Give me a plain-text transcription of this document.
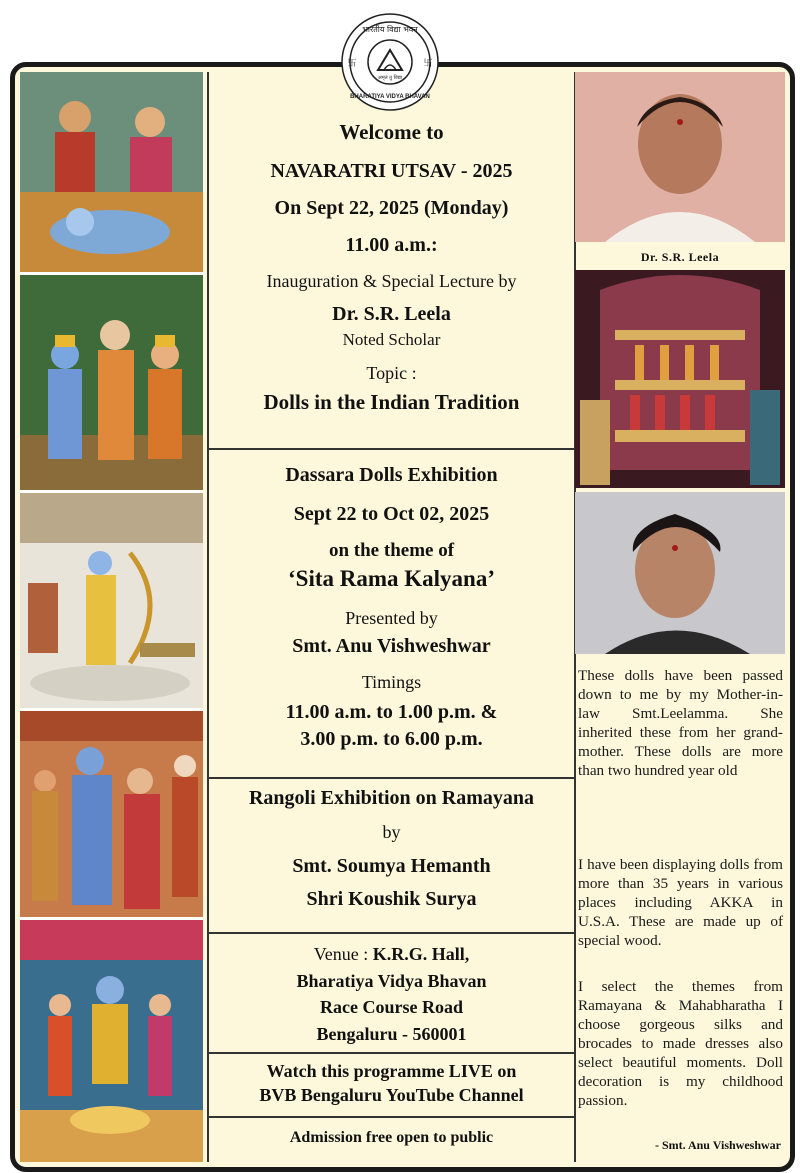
भारतीय विद्या भवन
अमृतं तु विद्या
BHARATIYA VIDYA BHAVAN
卐	卐
Welcome to
NAVARATRI UTSAV - 2025
On Sept 22, 2025 (Monday)
11.00 a.m.:
Inauguration & Special Lecture by
Dr. S.R. Leela
Noted Scholar
Topic :
Dolls in the Indian Tradition
Dassara Dolls Exhibition
Sept 22 to Oct 02, 2025
on the theme of
‘Sita Rama Kalyana’
Presented by
Smt. Anu Vishweshwar
Timings
11.00 a.m. to 1.00 p.m. &
3.00 p.m. to 6.00 p.m.
Rangoli Exhibition on Ramayana
by
Smt. Soumya Hemanth
Shri Koushik Surya
Venue : K.R.G. Hall,
Bharatiya Vidya Bhavan
Race Course Road
Bengaluru - 560001
Watch this programme LIVE on
BVB Bengaluru YouTube Channel
Admission free open to public
Dr. S.R. Leela
These dolls have been passed down to me by my Mother-in-law Smt.Leelamma. She inherited these from her grand-mother. These dolls are more than two hundred year old
I have been displaying dolls from more than 35 years in various places including AKKA in U.S.A. These are made up of special wood.
I select the themes from Ramayana & Mahabharatha I choose gorgeous silks and brocades to made dresses also select beautiful moments. Doll decoration is my childhood passion.
- Smt. Anu Vishweshwar
